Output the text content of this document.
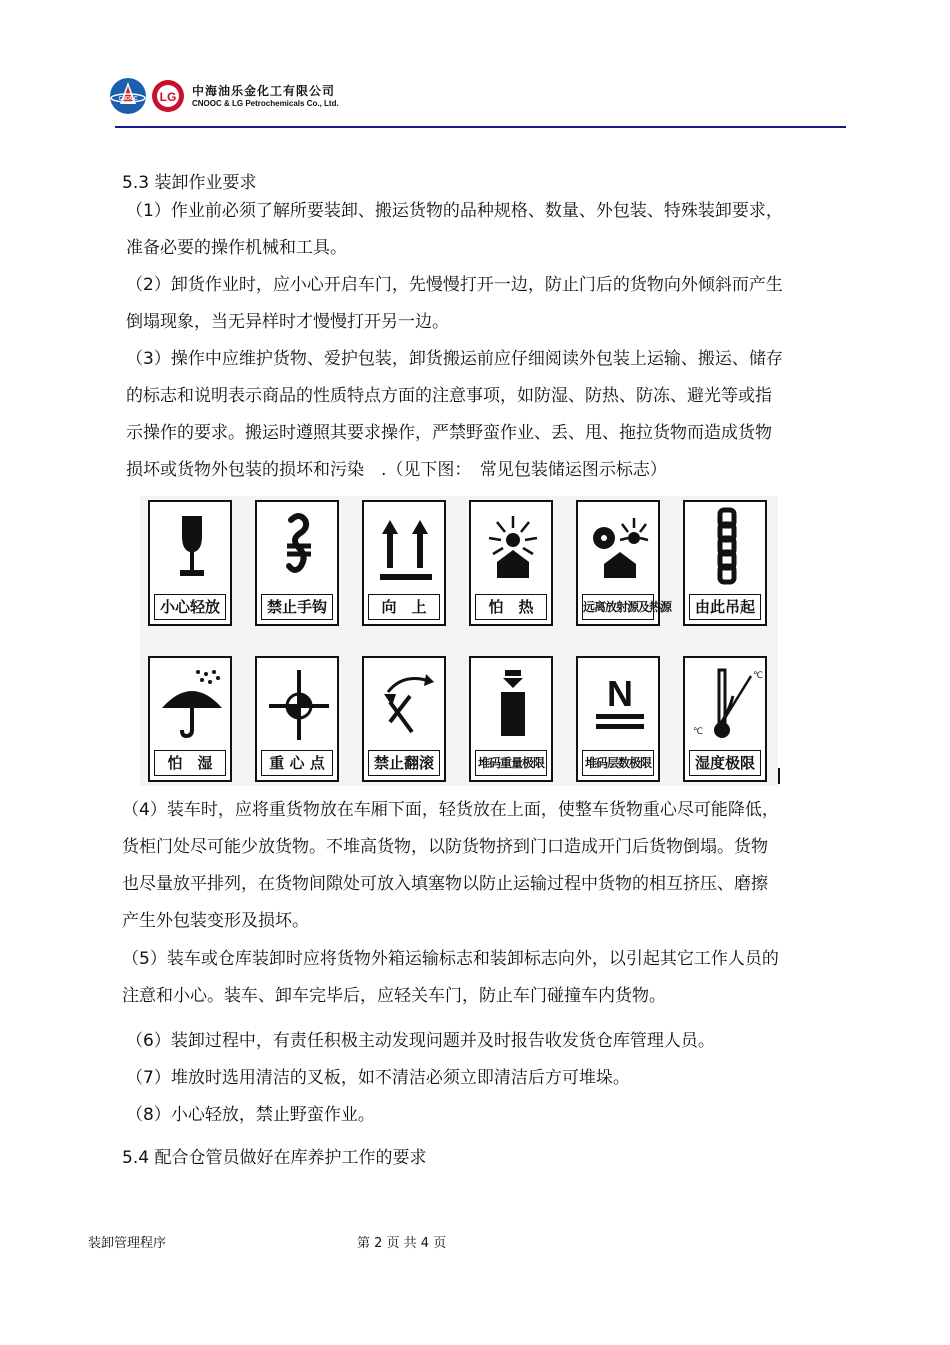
CNOOC LG 中海油乐金化工有限公司
CNOOC & LG Petrochemicals Co., Ltd.
5.3 装卸作业要求
（1）作业前必须了解所要装卸、搬运货物的品种规格、数量、外包装、特殊装卸要求，
准备必要的操作机械和工具。
（2）卸货作业时，应小心开启车门，先慢慢打开一边，防止门后的货物向外倾斜而产生
倒塌现象，当无异样时才慢慢打开另一边。
（3）操作中应维护货物、爱护包装，卸货搬运前应仔细阅读外包装上运输、搬运、储存
的标志和说明表示商品的性质特点方面的注意事项，如防湿、防热、防冻、避光等或指
示操作的要求。搬运时遵照其要求操作，严禁野蛮作业、丢、甩、拖拉货物而造成货物
损坏或货物外包装的损坏和污染　.（见下图：　常见包装储运图示标志）
小心轻放	禁止手钩	向　上	怕　热	远离放射源及热源	由此吊起
怕　湿	重 心 点	禁止翻滚	堆码重量极限
N
堆码层数极限
℃
℃
湿度极限
（4）装车时，应将重货物放在车厢下面，轻货放在上面，使整车货物重心尽可能降低，
货柜门处尽可能少放货物。不堆高货物，以防货物挤到门口造成开门后货物倒塌。货物
也尽量放平排列，在货物间隙处可放入填塞物以防止运输过程中货物的相互挤压、磨擦
产生外包装变形及损坏。
（5）装车或仓库装卸时应将货物外箱运输标志和装卸标志向外，以引起其它工作人员的
注意和小心。装车、卸车完毕后，应轻关车门，防止车门碰撞车内货物。
（6）装卸过程中，有责任积极主动发现问题并及时报告收发货仓库管理人员。
（7）堆放时选用清洁的叉板，如不清洁必须立即清洁后方可堆垛。
（8）小心轻放，禁止野蛮作业。
5.4 配合仓管员做好在库养护工作的要求
装卸管理程序	第 2 页 共 4 页
